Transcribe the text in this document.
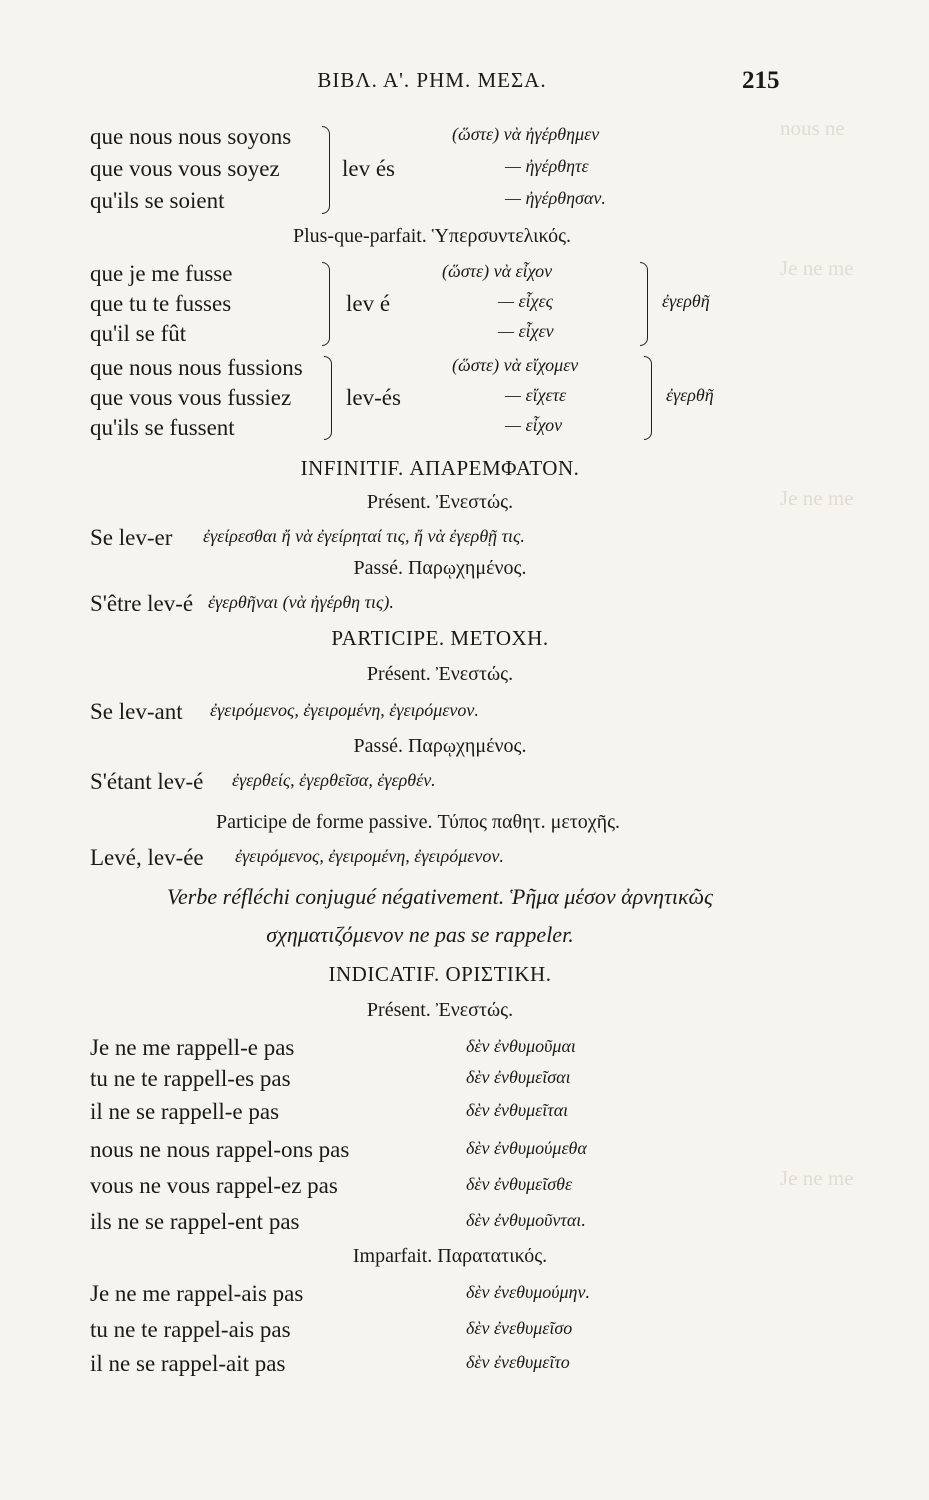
nous ne
Je ne me
Je ne me
Je ne me
ΒΙΒΛ. Α'. ΡΗΜ. ΜΕΣΑ.	215
que nous nous soyons
que vous vous soyez
qu'ils se soient
lev és
(ὥστε) νὰ ἠγέρθημεν
— ἠγέρθητε
— ἠγέρθησαν.
Plus-que-parfait. Ὑπερσυντελικός.
que je me fusse
que tu te fusses
qu'il se fût
lev é
(ὥστε) νὰ εἶχον
— εἶχες
— εἶχεν
ἐγερθῆ
que nous nous fussions
que vous vous fussiez
qu'ils se fussent
lev-és
(ὥστε) νὰ εἴχομεν
— εἴχετε
— εἶχον
ἐγερθῆ
INFINITIF. ΑΠΑΡΕΜΦΑΤΟΝ.
Présent. Ἐνεστώς.
Se lev-er ἐγείρεσθαι ἤ νὰ ἐγείρηταί τις, ἤ νὰ ἐγερθῇ τις.
Passé. Παρῳχημένος.
S'être lev-é ἐγερθῆναι (νὰ ἠγέρθη τις).
PARTICIPE. ΜΕΤΟΧΗ.
Présent. Ἐνεστώς.
Se lev-ant ἐγειρόμενος, ἐγειρομένη, ἐγειρόμενον.
Passé. Παρῳχημένος.
S'étant lev-é ἐγερθείς, ἐγερθεῖσα, ἐγερθέν.
Participe de forme passive. Τύπος παθητ. μετοχῆς.
Levé, lev-ée ἐγειρόμενος, ἐγειρομένη, ἐγειρόμενον.
Verbe réfléchi conjugué négativement. Ῥῆμα μέσον ἀρνητικῶς
σχηματιζόμενον ne pas se rappeler.
INDICATIF. ΟΡΙΣΤΙΚΗ.
Présent. Ἐνεστώς.
Je ne me rappell-e pas
tu ne te rappell-es pas
il ne se rappell-e pas
nous ne nous rappel-ons pas
vous ne vous rappel-ez pas
ils ne se rappel-ent pas
δὲν ἐνθυμοῦμαι
δὲν ἐνθυμεῖσαι
δὲν ἐνθυμεῖται
δὲν ἐνθυμούμεθα
δὲν ἐνθυμεῖσθε
δὲν ἐνθυμοῦνται.
Imparfait. Παρατατικός.
Je ne me rappel-ais pas
tu ne te rappel-ais pas
il ne se rappel-ait pas
δὲν ἐνεθυμούμην.
δὲν ἐνεθυμεῖσο
δὲν ἐνεθυμεῖτο
